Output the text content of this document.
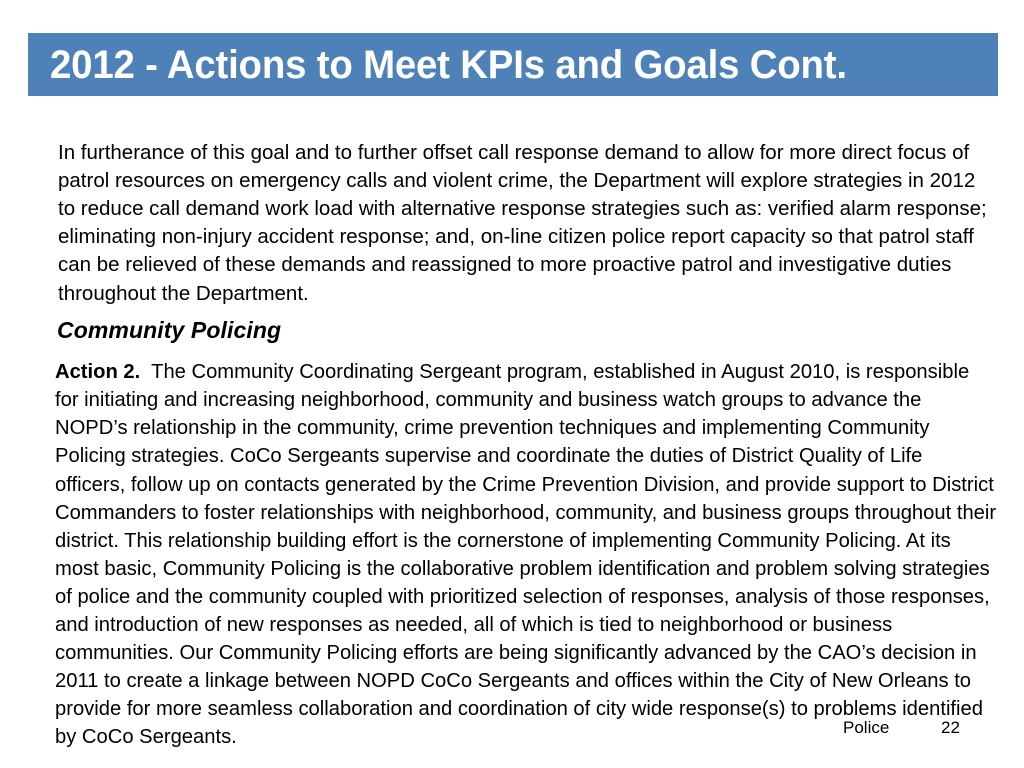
2012 - Actions to Meet KPIs and Goals Cont.

In furtherance of this goal and to further offset call response demand to allow for more direct focus of patrol resources on emergency calls and violent crime, the Department will explore strategies in 2012 to reduce call demand work load with alternative response strategies such as: verified alarm response; eliminating non-injury accident response; and, on-line citizen police report capacity so that patrol staff can be relieved of these demands and reassigned to more proactive patrol and investigative duties throughout the Department.

Community Policing

Action 2. The Community Coordinating Sergeant program, established in August 2010, is responsible for initiating and increasing neighborhood, community and business watch groups to advance the NOPD’s relationship in the community, crime prevention techniques and implementing Community Policing strategies. CoCo Sergeants supervise and coordinate the duties of District Quality of Life officers, follow up on contacts generated by the Crime Prevention Division, and provide support to District Commanders to foster relationships with neighborhood, community, and business groups throughout their district. This relationship building effort is the cornerstone of implementing Community Policing. At its most basic, Community Policing is the collaborative problem identification and problem solving strategies of police and the community coupled with prioritized selection of responses, analysis of those responses, and introduction of new responses as needed, all of which is tied to neighborhood or business communities. Our Community Policing efforts are being significantly advanced by the CAO’s decision in 2011 to create a linkage between NOPD CoCo Sergeants and offices within the City of New Orleans to provide for more seamless collaboration and coordination of city wide response(s) to problems identified by CoCo Sergeants.	Police	22
